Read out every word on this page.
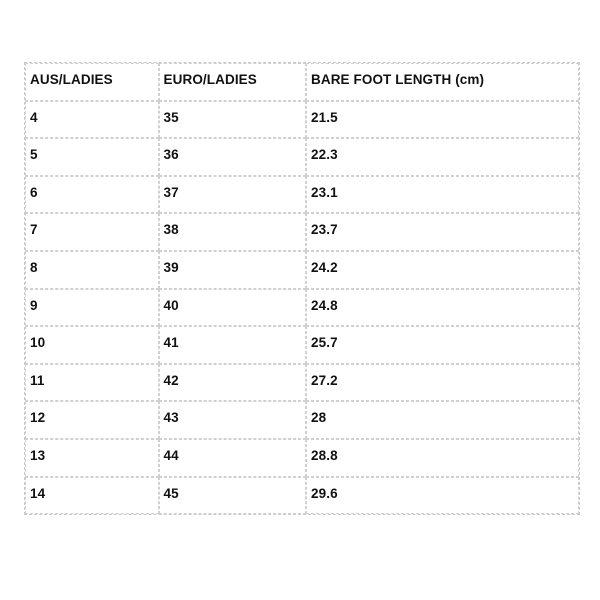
AUS/LADIES	EURO/LADIES	BARE FOOT LENGTH (cm)

4	35	21.5

5	36	22.3

6	37	23.1

7	38	23.7

8	39	24.2

9	40	24.8

10	41	25.7

11	42	27.2

12	43	28

13	44	28.8

14	45	29.6
